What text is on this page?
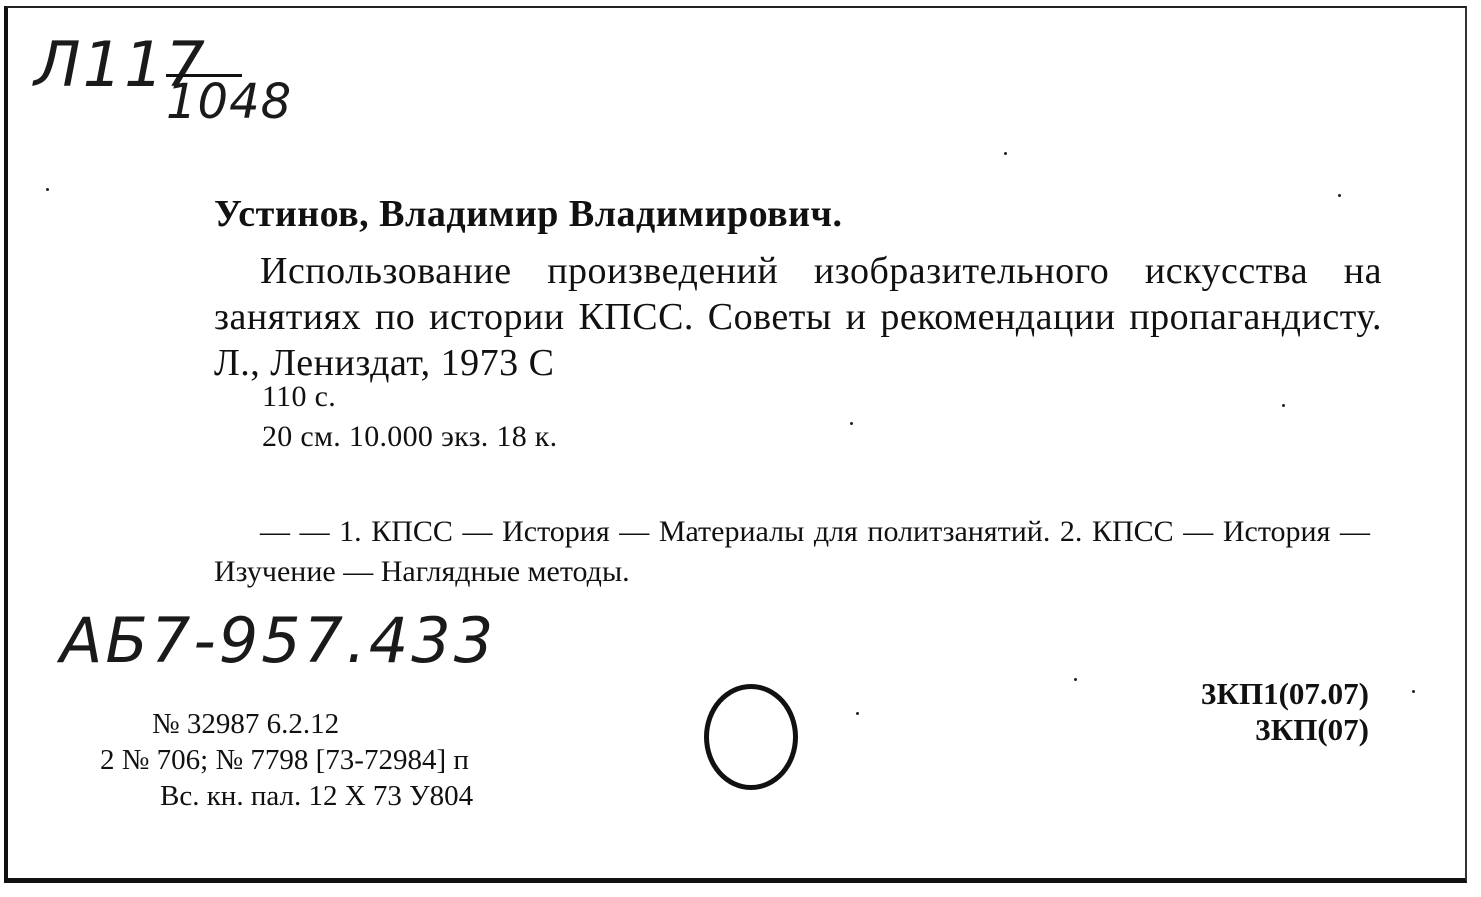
Л117
1048
Устинов, Владимир Владимирович.
Использование произведений изобразительного искусства на занятиях по истории КПСС. Советы и рекомендации пропагандисту. Л., Лениздат, 1973 С
110 с.
20 см. 10.000 экз. 18 к.
— — 1. КПСС — История — Материалы для политзанятий. 2. КПСС — История — Изучение — Наглядные методы.
АБ7-957.433
№ 32987 6.2.12
2 № 706; № 7798 [73-72984] п
Вс. кн. пал. 12 X 73 У804
3КП1(07.07)
3КП(07)
